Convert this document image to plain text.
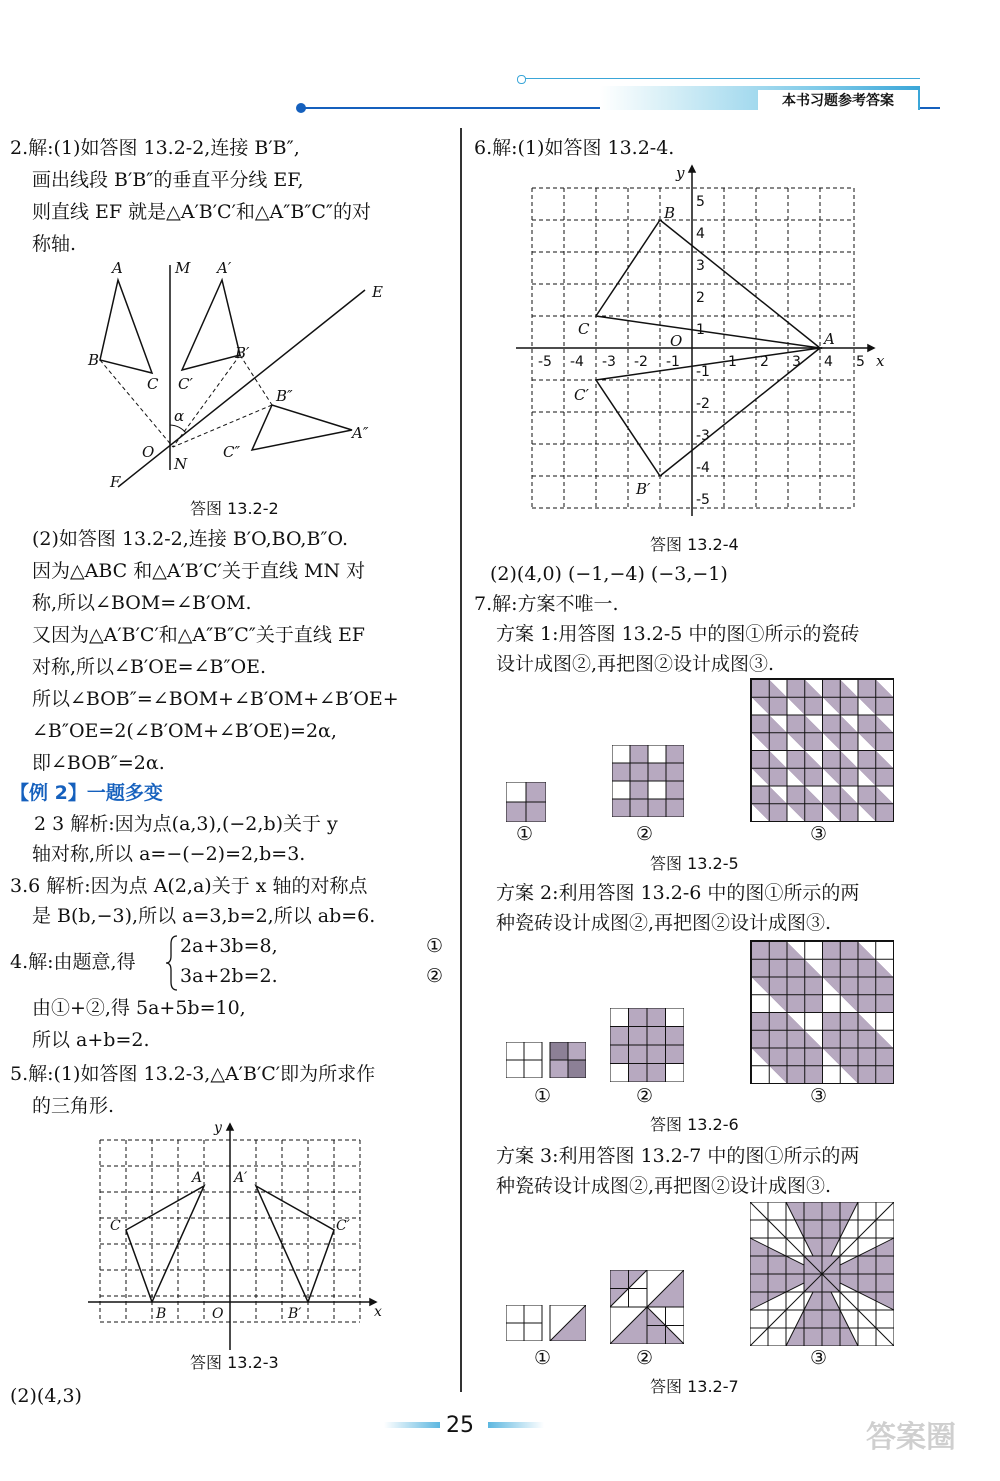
本书习题参考答案
2.解:(1)如答图 13.2-2,连接 B′B″,
画出线段 B′B″的垂直平分线 EF,
则直线 EF 就是△A′B′C′和△A″B″C″的对
称轴.
A	M A′
E
B
C C′
B′
B″
α
O
N
C″
A″
F
答图 13.2-2
(2)如答图 13.2-2,连接 B′O,BO,B″O.
因为△ABC 和△A′B′C′关于直线 MN 对
称,所以∠BOM=∠B′OM.
又因为△A′B′C′和△A″B″C″关于直线 EF
对称,所以∠B′OE=∠B″OE.
所以∠BOB″=∠BOM+∠B′OM+∠B′OE+
∠B″OE=2(∠B′OM+∠B′OE)=2α,
即∠BOB″=2α.
【例 2】一题多变
2 3 解析:因为点(a,3),(−2,b)关于 y
轴对称,所以 a=−(−2)=2,b=3.
3.6 解析:因为点 A(2,a)关于 x 轴的对称点
是 B(b,−3),所以 a=3,b=2,所以 ab=6.
4.解:由题意,得
2a+3b=8,
3a+2b=2.
①
②
由①+②,得 5a+5b=10,
所以 a+b=2.
5.解:(1)如答图 13.2-3,△A′B′C′即为所求作
的三角形.
y
A A′
C	C′
B	O	B′	x
答图 13.2-3
(2)(4,3)
6.解:(1)如答图 13.2-4.
-5 -4 -3 -2 -1	1 2 3 4 5
5
4
3
2
1
-1
-2
-3
-4
-5
y
x
B
C
O	A
C′
B′
答图 13.2-4
(2)(4,0) (−1,−4) (−3,−1)
7.解:方案不唯一.
方案 1:用答图 13.2-5 中的图①所示的瓷砖
设计成图②,再把图②设计成图③.
①	②	③
答图 13.2-5
方案 2:利用答图 13.2-6 中的图①所示的两
种瓷砖设计成图②,再把图②设计成图③.
①	②	③
答图 13.2-6
方案 3:利用答图 13.2-7 中的图①所示的两
种瓷砖设计成图②,再把图②设计成图③.
①	②	③
答图 13.2-7
25	答案圈
